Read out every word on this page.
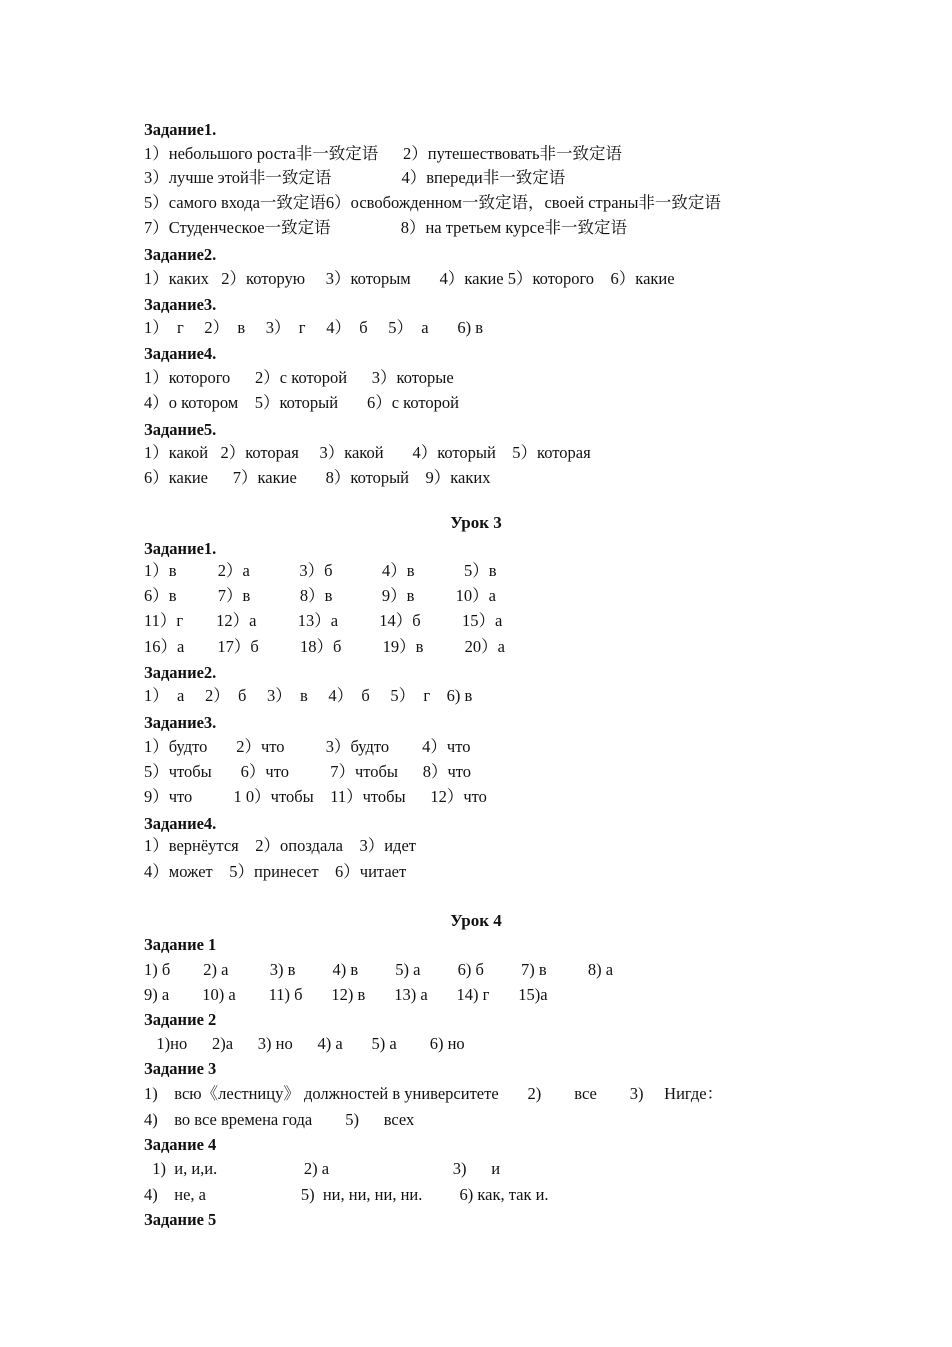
Задание1.
1）небольшого роста非一致定语      2）путешествовать非一致定语
3）лучше этой非一致定语                 4）впереди非一致定语
5）самого входа一致定语6）освобожденном一致定语，своей страны非一致定语
7）Студенческое一致定语                 8）на третьем курсе非一致定语
Задание2.
1）каких   2）которую     3）которым       4）какие 5）которого    6）какие
Задание3.
1）  г     2）  в     3）  г     4）  б     5）  а       6) в
Задание4.
1）которого      2）с которой      3）которые
4）о котором    5）который       6）с которой
Задание5.
1）какой   2）которая     3）какой       4）который    5）которая
6）какие      7）какие       8）который    9）каких
Урок 3
Задание1.
1）в          2）а            3）б            4）в            5）в
6）в          7）в            8）в            9）в          10）а
11）г        12）а          13）а          14）б          15）а
16）а        17）б          18）б          19）в          20）а
Задание2.
1）  а     2）  б     3）  в     4）  б     5）  г    6) в
Задание3.
1）будто       2）что          3）будто        4）что
5）чтобы       6）что          7）чтобы      8）что
9）что          1 0）чтобы    11）чтобы      12）что
Задание4.
1）вернёутся    2）опоздала    3）идет
4）может    5）принесет    6）читает
Урок 4
Задание 1
1) б        2) а          3) в         4) в         5) а         6) б         7) в          8) а
9) а        10) а        11) б       12) в       13) а       14) г       15)а
Задание 2
1)но      2)а      3) но      4) а       5) а        6) но
Задание 3
1)    всю《лестницу》 должностей в университете       2)        все        3)     Нигде：
4)    во все времена года        5)      всех
Задание 4
1)  и, и,и.                     2) а                              3)      и
4)    не, а                       5)  ни, ни, ни, ни.         6) как, так и.
Задание 5
